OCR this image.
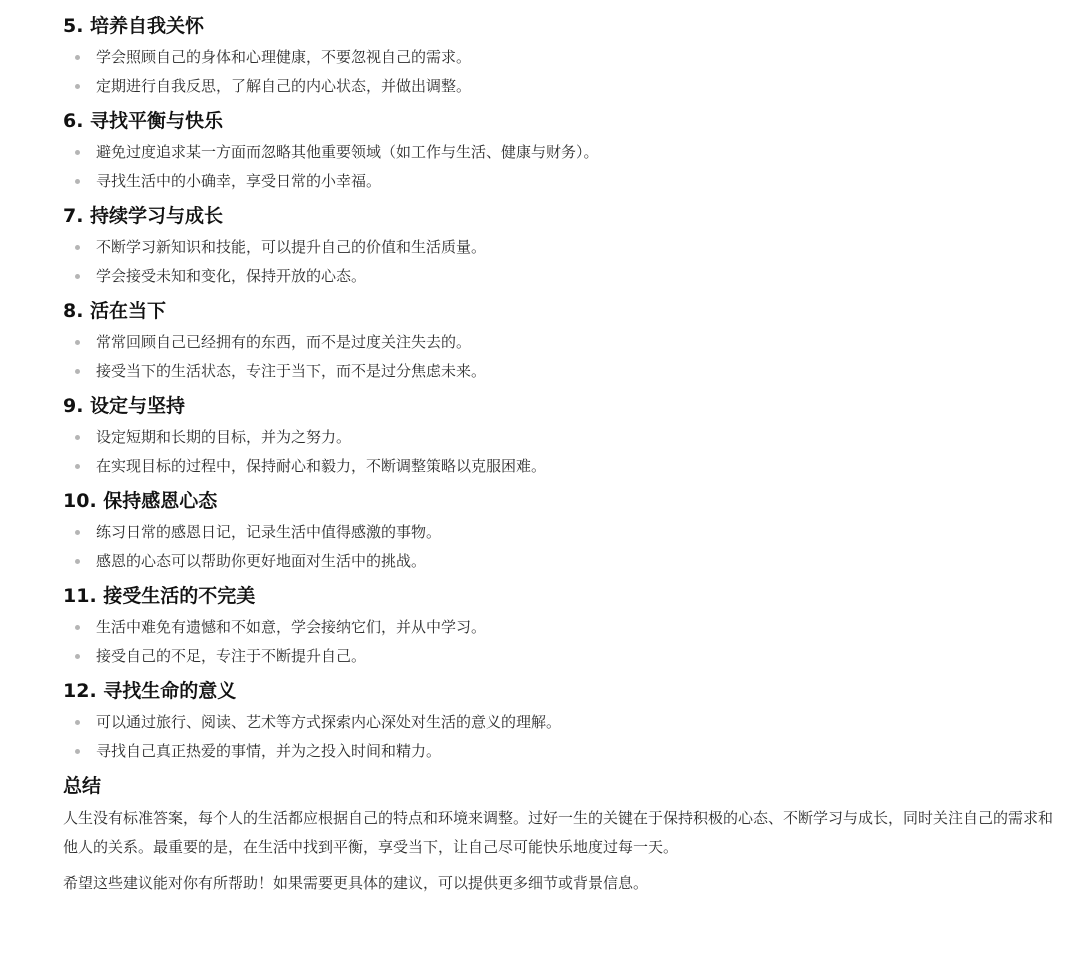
5. 培养自我关怀
学会照顾自己的身体和心理健康，不要忽视自己的需求。
定期进行自我反思，了解自己的内心状态，并做出调整。
6. 寻找平衡与快乐
避免过度追求某一方面而忽略其他重要领域（如工作与生活、健康与财务）。
寻找生活中的小确幸，享受日常的小幸福。
7. 持续学习与成长
不断学习新知识和技能，可以提升自己的价值和生活质量。
学会接受未知和变化，保持开放的心态。
8. 活在当下
常常回顾自己已经拥有的东西，而不是过度关注失去的。
接受当下的生活状态，专注于当下，而不是过分焦虑未来。
9. 设定与坚持
设定短期和长期的目标，并为之努力。
在实现目标的过程中，保持耐心和毅力，不断调整策略以克服困难。
10. 保持感恩心态
练习日常的感恩日记，记录生活中值得感激的事物。
感恩的心态可以帮助你更好地面对生活中的挑战。
11. 接受生活的不完美
生活中难免有遗憾和不如意，学会接纳它们，并从中学习。
接受自己的不足，专注于不断提升自己。
12. 寻找生命的意义
可以通过旅行、阅读、艺术等方式探索内心深处对生活的意义的理解。
寻找自己真正热爱的事情，并为之投入时间和精力。
总结

人生没有标准答案，每个人的生活都应根据自己的特点和环境来调整。过好一生的关键在于保持积极的心态、不断学习与成长，同时关注自己的需求和他人的关系。最重要的是，在生活中找到平衡，享受当下，让自己尽可能快乐地度过每一天。

希望这些建议能对你有所帮助！如果需要更具体的建议，可以提供更多细节或背景信息。
